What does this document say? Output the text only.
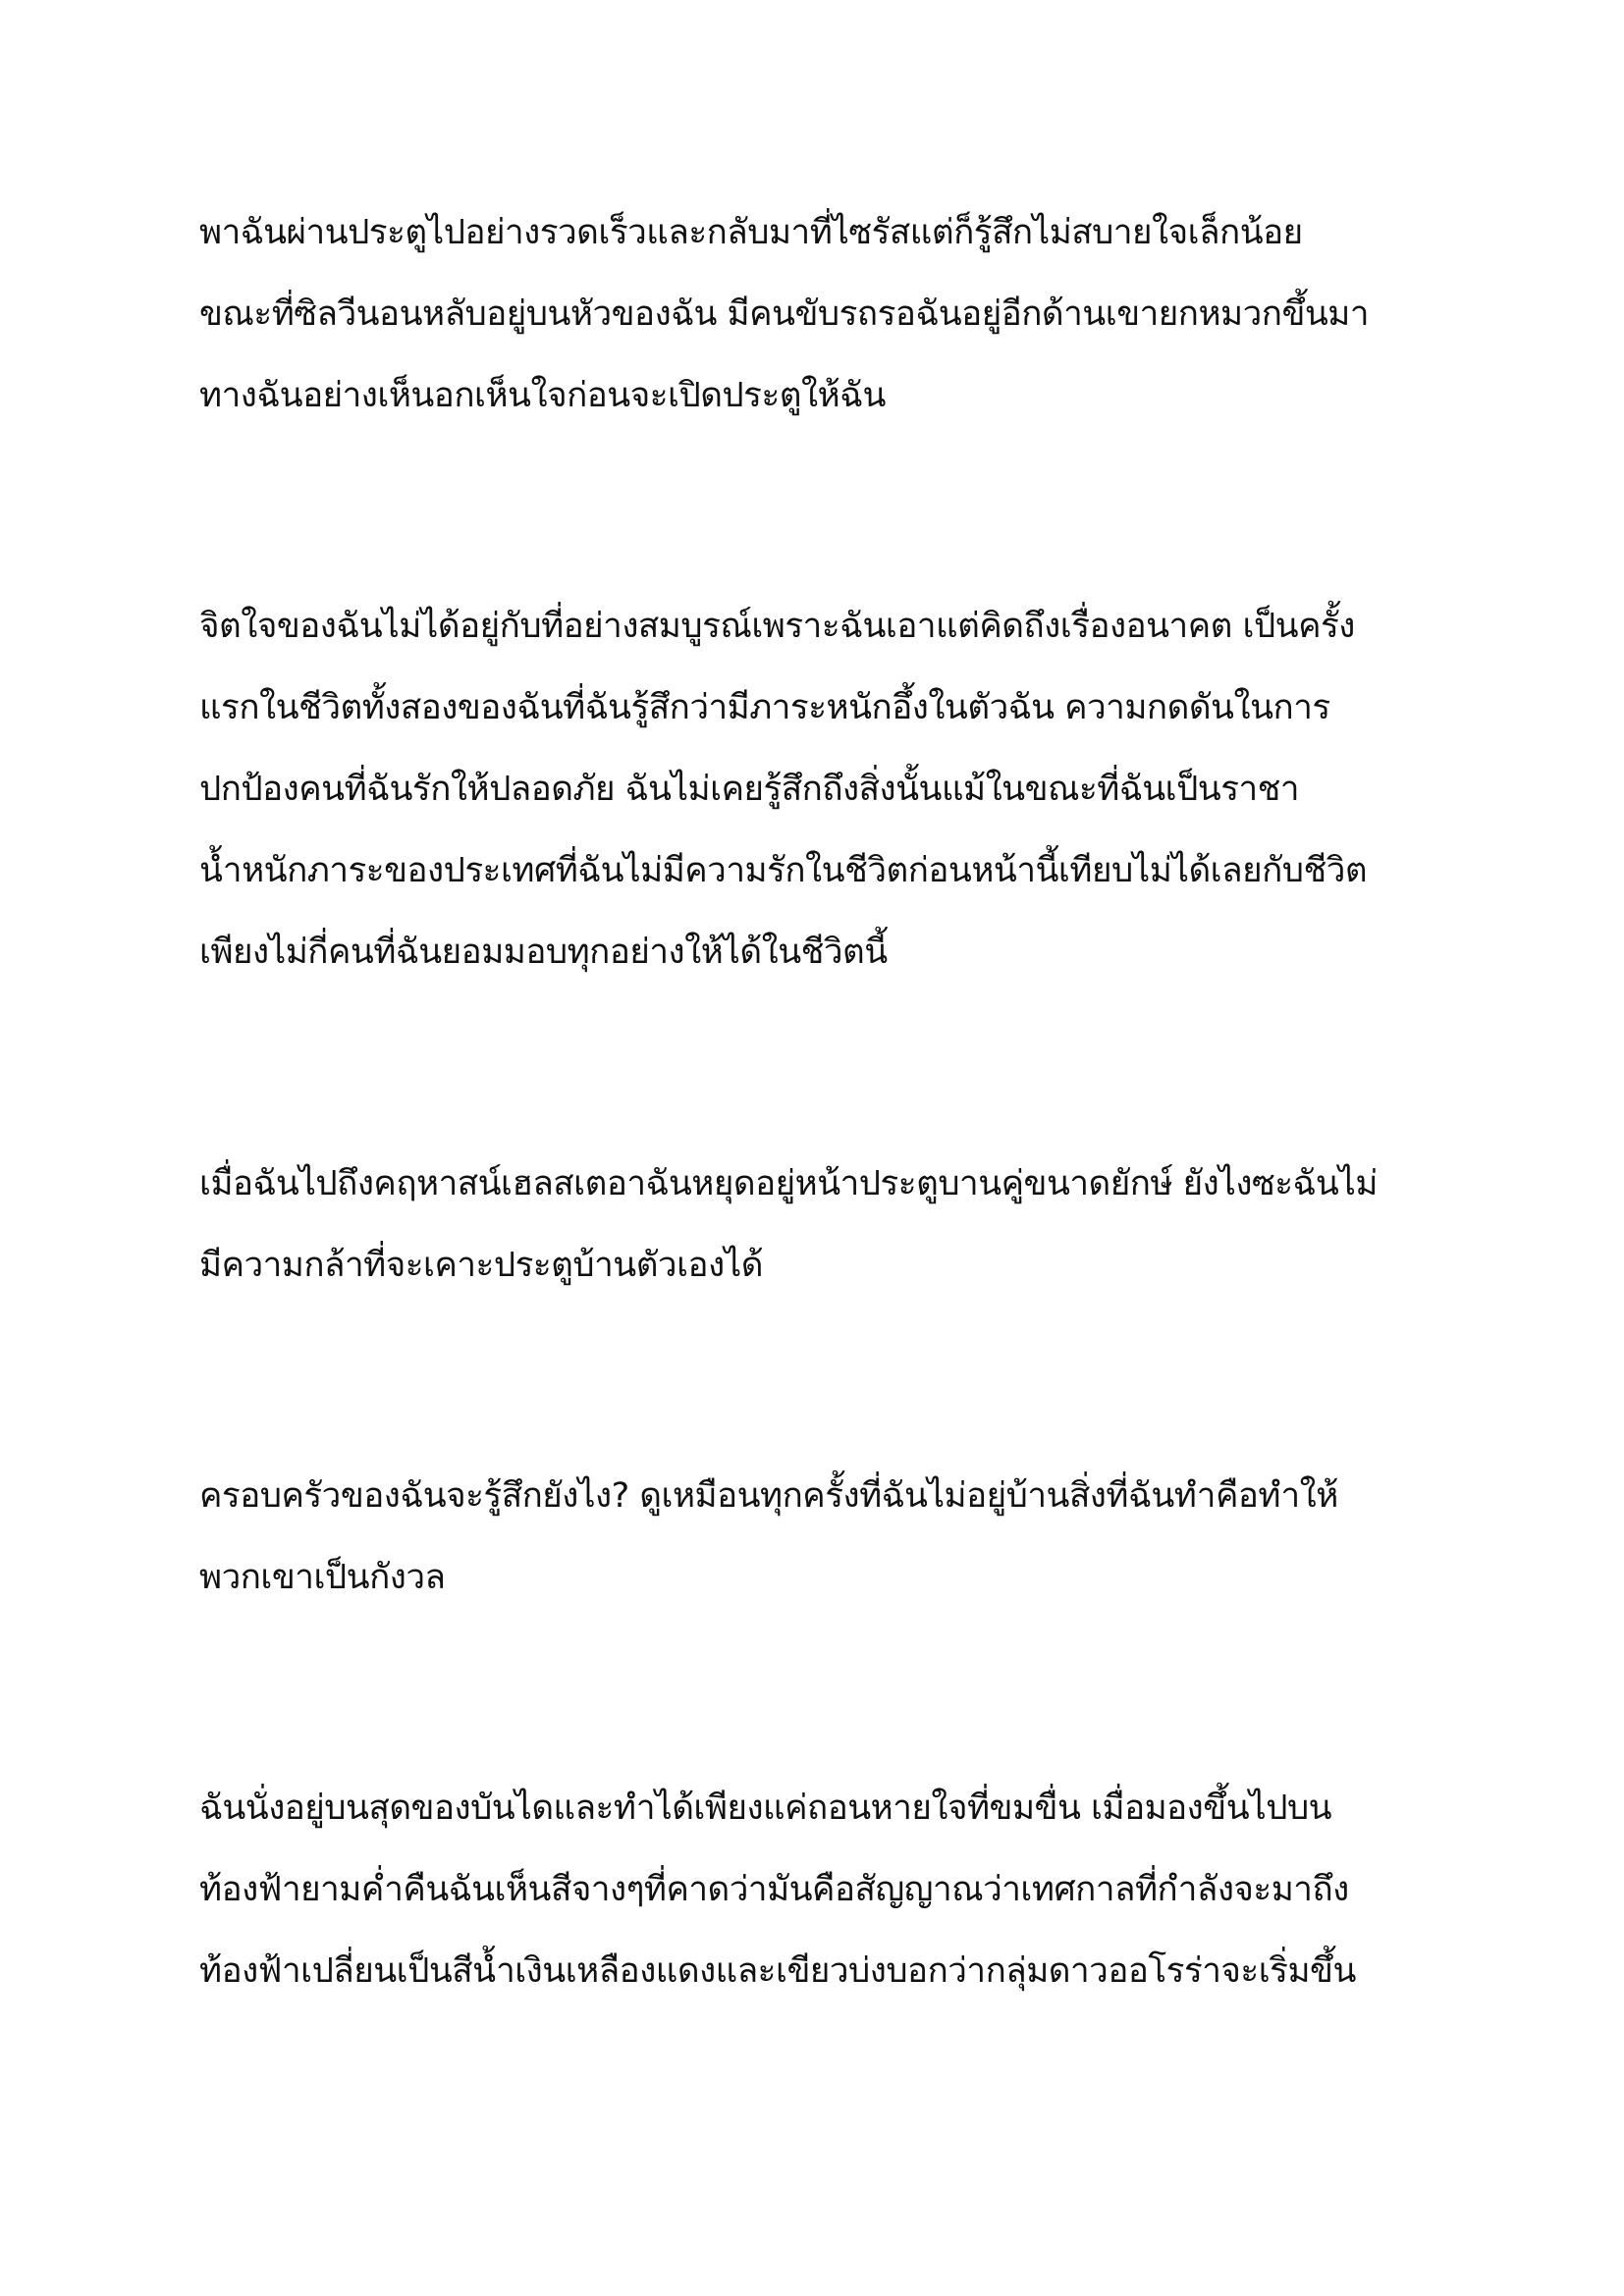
พาฉันผ่านประตูไปอย่างรวดเร็วและกลับมาที่ไซรัสแต่ก็รู้สึกไม่สบายใจเล็กน้อย

ขณะที่ซิลวีนอนหลับอยู่บนหัวของฉัน มีคนขับรถรอฉันอยู่อีกด้านเขายกหมวกขึ้นมา

ทางฉันอย่างเห็นอกเห็นใจก่อนจะเปิดประตูให้ฉัน

จิตใจของฉันไม่ได้อยู่กับที่อย่างสมบูรณ์เพราะฉันเอาแต่คิดถึงเรื่องอนาคต เป็นครั้ง

แรกในชีวิตทั้งสองของฉันที่ฉันรู้สึกว่ามีภาระหนักอึ้งในตัวฉัน ความกดดันในการ

ปกป้องคนที่ฉันรักให้ปลอดภัย ฉันไม่เคยรู้สึกถึงสิ่งนั้นแม้ในขณะที่ฉันเป็นราชา

น้ำหนักภาระของประเทศที่ฉันไม่มีความรักในชีวิตก่อนหน้านี้เทียบไม่ได้เลยกับชีวิต

เพียงไม่กี่คนที่ฉันยอมมอบทุกอย่างให้ได้ในชีวิตนี้

เมื่อฉันไปถึงคฤหาสน์เฮลสเตอาฉันหยุดอยู่หน้าประตูบานคู่ขนาดยักษ์ ยังไงซะฉันไม่

มีความกล้าที่จะเคาะประตูบ้านตัวเองได้

ครอบครัวของฉันจะรู้สึกยังไง? ดูเหมือนทุกครั้งที่ฉันไม่อยู่บ้านสิ่งที่ฉันทำคือทำให้

พวกเขาเป็นกังวล

ฉันนั่งอยู่บนสุดของบันไดและทำได้เพียงแค่ถอนหายใจที่ขมขื่น เมื่อมองขึ้นไปบน

ท้องฟ้ายามค่ำคืนฉันเห็นสีจางๆที่คาดว่ามันคือสัญญาณว่าเทศกาลที่กำลังจะมาถึง

ท้องฟ้าเปลี่ยนเป็นสีน้ำเงินเหลืองแดงและเขียวบ่งบอกว่ากลุ่มดาวออโรร่าจะเริ่มขึ้น
